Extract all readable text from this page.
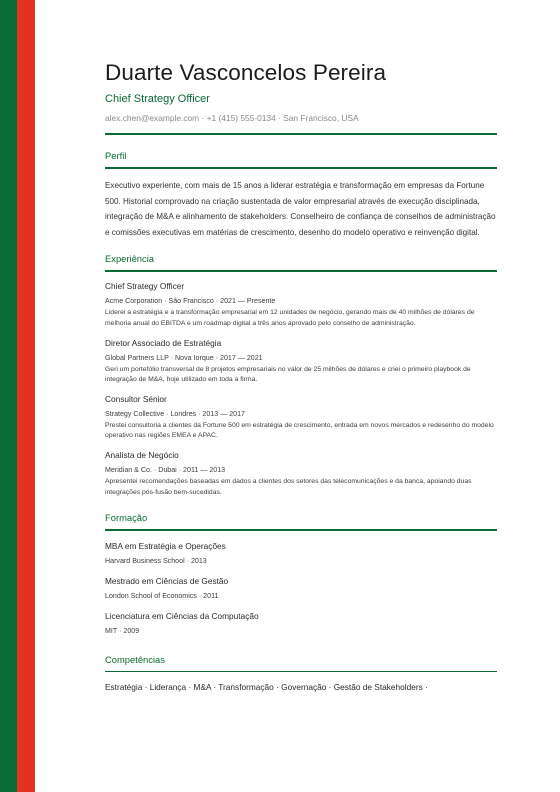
Duarte Vasconcelos Pereira
Chief Strategy Officer
alex.chen@example.com · +1 (415) 555-0134 · San Francisco, USA
Perfil
Executivo experiente, com mais de 15 anos a liderar estratégia e transformação em empresas da Fortune 500. Historial comprovado na criação sustentada de valor empresarial através de execução disciplinada, integração de M&A e alinhamento de stakeholders. Conselheiro de confiança de conselhos de administração e comissões executivas em matérias de crescimento, desenho do modelo operativo e reinvenção digital.
Experiência
Chief Strategy Officer
Acme Corporation · São Francisco · 2021 — Presente
Liderei a estratégia e a transformação empresarial em 12 unidades de negócio, gerando mais de 40 milhões de dólares de melhoria anual do EBITDA e um roadmap digital a três anos aprovado pelo conselho de administração.
Diretor Associado de Estratégia
Global Partners LLP · Nova Iorque · 2017 — 2021
Geri um portefólio transversal de 8 projetos empresariais no valor de 25 milhões de dólares e criei o primeiro playbook de integração de M&A, hoje utilizado em toda a firma.
Consultor Sénior
Strategy Collective · Londres · 2013 — 2017
Prestei consultoria a clientes da Fortune 500 em estratégia de crescimento, entrada em novos mercados e redesenho do modelo operativo nas regiões EMEA e APAC.
Analista de Negócio
Meridian & Co. · Dubai · 2011 — 2013
Apresentei recomendações baseadas em dados a clientes dos setores das telecomunicações e da banca, apoiando duas integrações pós-fusão bem-sucedidas.
Formação
MBA em Estratégia e Operações
Harvard Business School · 2013
Mestrado em Ciências de Gestão
London School of Economics · 2011
Licenciatura em Ciências da Computação
MIT · 2009
Competências
Estratégia · Liderança · M&A · Transformação · Governação · Gestão de Stakeholders ·
